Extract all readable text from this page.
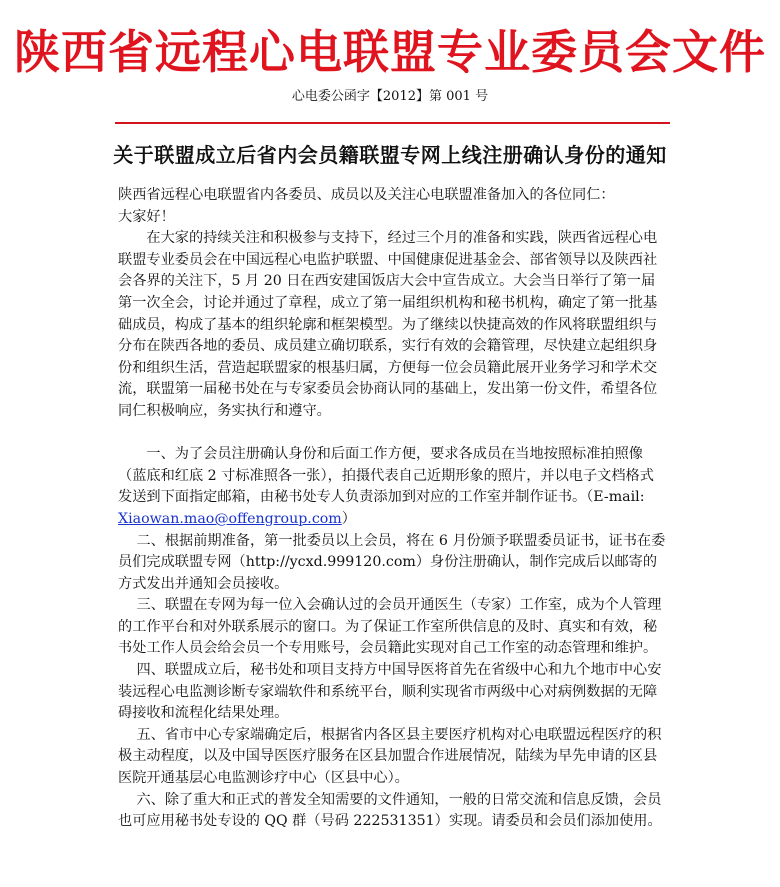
陕西省远程心电联盟专业委员会文件
心电委公函字【2012】第 001 号
关于联盟成立后省内会员籍联盟专网上线注册确认身份的通知

陕西省远程心电联盟省内各委员、成员以及关注心电联盟准备加入的各位同仁：

大家好！

在大家的持续关注和积极参与支持下，经过三个月的准备和实践，陕西省远程心电联盟专业委员会在中国远程心电监护联盟、中国健康促进基金会、部省领导以及陕西社会各界的关注下，5 月 20 日在西安建国饭店大会中宣告成立。大会当日举行了第一届第一次全会，讨论并通过了章程，成立了第一届组织机构和秘书机构，确定了第一批基础成员，构成了基本的组织轮廓和框架模型。为了继续以快捷高效的作风将联盟组织与分布在陕西各地的委员、成员建立确切联系，实行有效的会籍管理，尽快建立起组织身份和组织生活，营造起联盟家的根基归属，方便每一位会员籍此展开业务学习和学术交流，联盟第一届秘书处在与专家委员会协商认同的基础上，发出第一份文件，希望各位同仁积极响应，务实执行和遵守。

一、为了会员注册确认身份和后面工作方便，要求各成员在当地按照标准拍照像（蓝底和红底 2 寸标准照各一张），拍摄代表自己近期形象的照片，并以电子文档格式发送到下面指定邮箱，由秘书处专人负责添加到对应的工作室并制作证书。（E-mail: Xiaowan.mao@offengroup.com）

二、根据前期准备，第一批委员以上会员，将在 6 月份颁予联盟委员证书，证书在委员们完成联盟专网（http://ycxd.999120.com）身份注册确认，制作完成后以邮寄的方式发出并通知会员接收。

三、联盟在专网为每一位入会确认过的会员开通医生（专家）工作室，成为个人管理的工作平台和对外联系展示的窗口。为了保证工作室所供信息的及时、真实和有效，秘书处工作人员会给会员一个专用账号，会员籍此实现对自己工作室的动态管理和维护。

四、联盟成立后，秘书处和项目支持方中国导医将首先在省级中心和九个地市中心安装远程心电监测诊断专家端软件和系统平台，顺利实现省市两级中心对病例数据的无障碍接收和流程化结果处理。

五、省市中心专家端确定后，根据省内各区县主要医疗机构对心电联盟远程医疗的积极主动程度，以及中国导医医疗服务在区县加盟合作进展情况，陆续为早先申请的区县医院开通基层心电监测诊疗中心（区县中心）。

六、除了重大和正式的普发全知需要的文件通知，一般的日常交流和信息反馈，会员也可应用秘书处专设的 QQ 群（号码 222531351）实现。请委员和会员们添加使用。
